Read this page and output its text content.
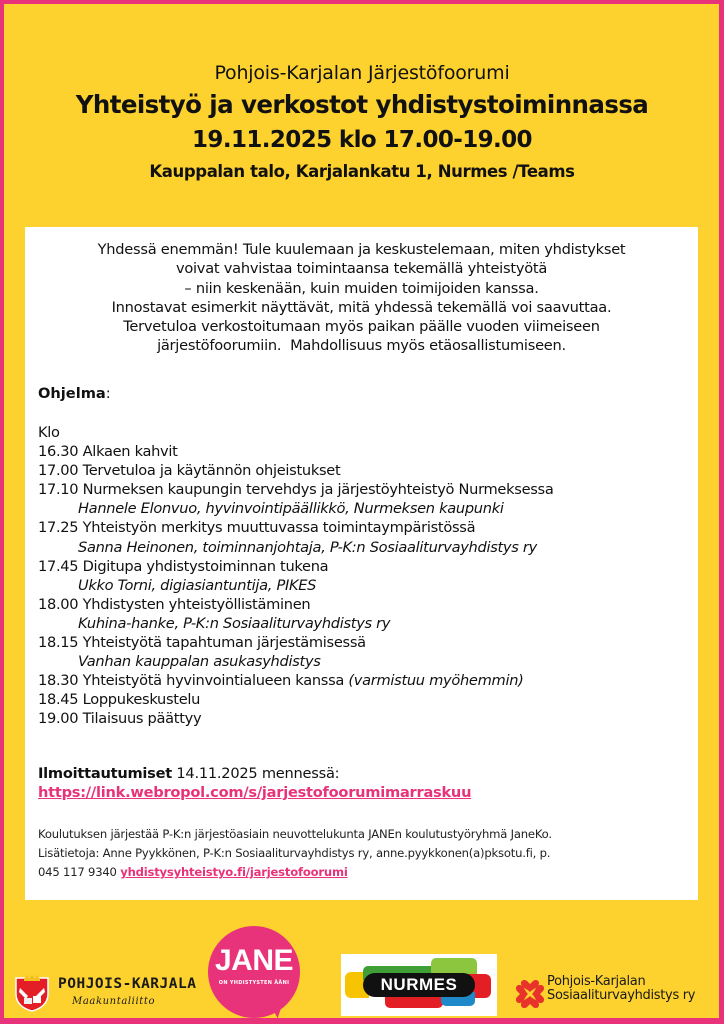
Pohjois-Karjalan Järjestöfoorumi
Yhteistyö ja verkostot yhdistystoiminnassa
19.11.2025 klo 17.00-19.00
Kauppalan talo, Karjalankatu 1, Nurmes /Teams
Yhdessä enemmän! Tule kuulemaan ja keskustelemaan, miten yhdistykset
voivat vahvistaa toimintaansa tekemällä yhteistyötä
– niin keskenään, kuin muiden toimijoiden kanssa.
Innostavat esimerkit näyttävät, mitä yhdessä tekemällä voi saavuttaa.
Tervetuloa verkostoitumaan myös paikan päälle vuoden viimeiseen
järjestöfoorumiin.  Mahdollisuus myös etäosallistumiseen.
Ohjelma:
Klo
16.30 Alkaen kahvit
17.00 Tervetuloa ja käytännön ohjeistukset
17.10 Nurmeksen kaupungin tervehdys ja järjestöyhteistyö Nurmeksessa
Hannele Elonvuo, hyvinvointipäällikkö, Nurmeksen kaupunki
17.25 Yhteistyön merkitys muuttuvassa toimintaympäristössä
Sanna Heinonen, toiminnanjohtaja, P-K:n Sosiaaliturvayhdistys ry
17.45 Digitupa yhdistystoiminnan tukena
Ukko Torni, digiasiantuntija, PIKES
18.00 Yhdistysten yhteistyöllistäminen
Kuhina-hanke, P-K:n Sosiaaliturvayhdistys ry
18.15 Yhteistyötä tapahtuman järjestämisessä
Vanhan kauppalan asukasyhdistys
18.30 Yhteistyötä hyvinvointialueen kanssa (varmistuu myöhemmin)
18.45 Loppukeskustelu
19.00 Tilaisuus päättyy
Ilmoittautumiset 14.11.2025 mennessä:
https://link.webropol.com/s/jarjestofoorumimarraskuu
Koulutuksen järjestää P-K:n järjestöasiain neuvottelukunta JANEn koulutustyöryhmä JaneKo.
Lisätietoja: Anne Pyykkönen, P-K:n Sosiaaliturvayhdistys ry, anne.pyykkonen(a)pksotu.fi, p.
045 117 9340 yhdistysyhteistyo.fi/jarjestofoorumi
POHJOIS-KARJALA
Maakuntaliitto
JANE
ON YHDISTYSTEN ÄÄNI	NURMES	Pohjois-Karjalan
Sosiaaliturvayhdistys ry
